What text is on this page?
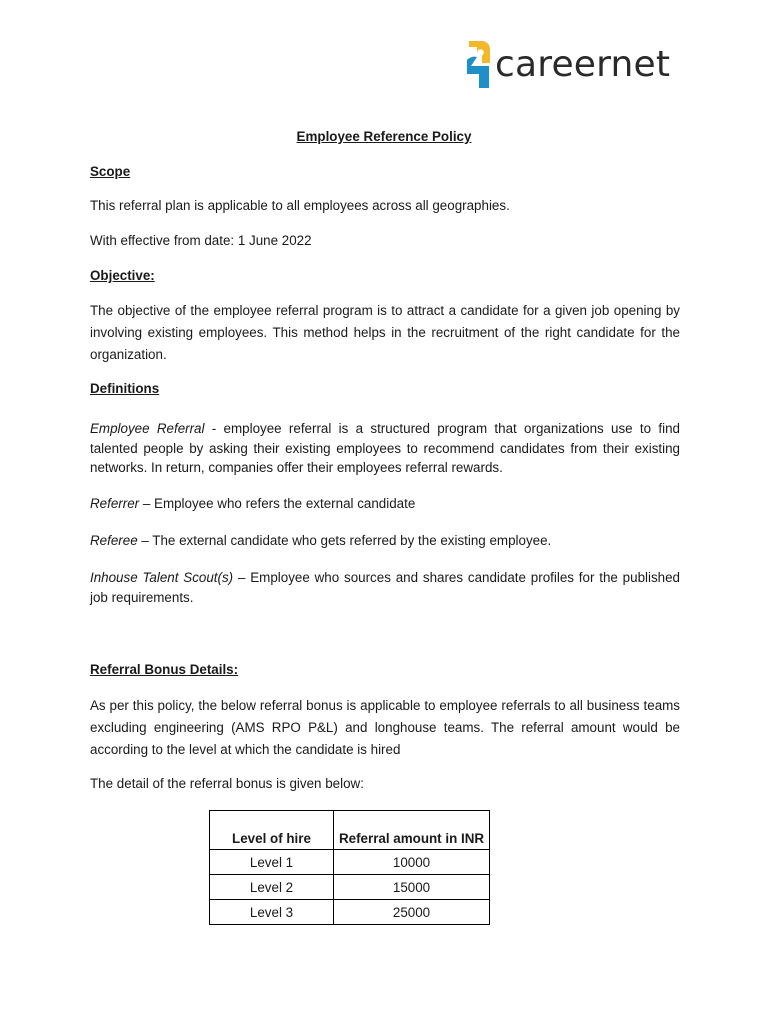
careernet
Employee Reference Policy
Scope
This referral plan is applicable to all employees across all geographies.
With effective from date: 1 June 2022
Objective:
The objective of the employee referral program is to attract a candidate for a given job opening by involving existing employees. This method helps in the recruitment of the right candidate for the organization.
Definitions
Employee Referral - employee referral is a structured program that organizations use to find talented people by asking their existing employees to recommend candidates from their existing networks. In return, companies offer their employees referral rewards.
Referrer – Employee who refers the external candidate
Referee – The external candidate who gets referred by the existing employee.
Inhouse Talent Scout(s) – Employee who sources and shares candidate profiles for the published job requirements.
Referral Bonus Details:
As per this policy, the below referral bonus is applicable to employee referrals to all business teams excluding engineering (AMS RPO P&L) and longhouse teams. The referral amount would be according to the level at which the candidate is hired
The detail of the referral bonus is given below:
Level of hire	Referral amount in INR
Level 1	10000
Level 2	15000
Level 3	25000
